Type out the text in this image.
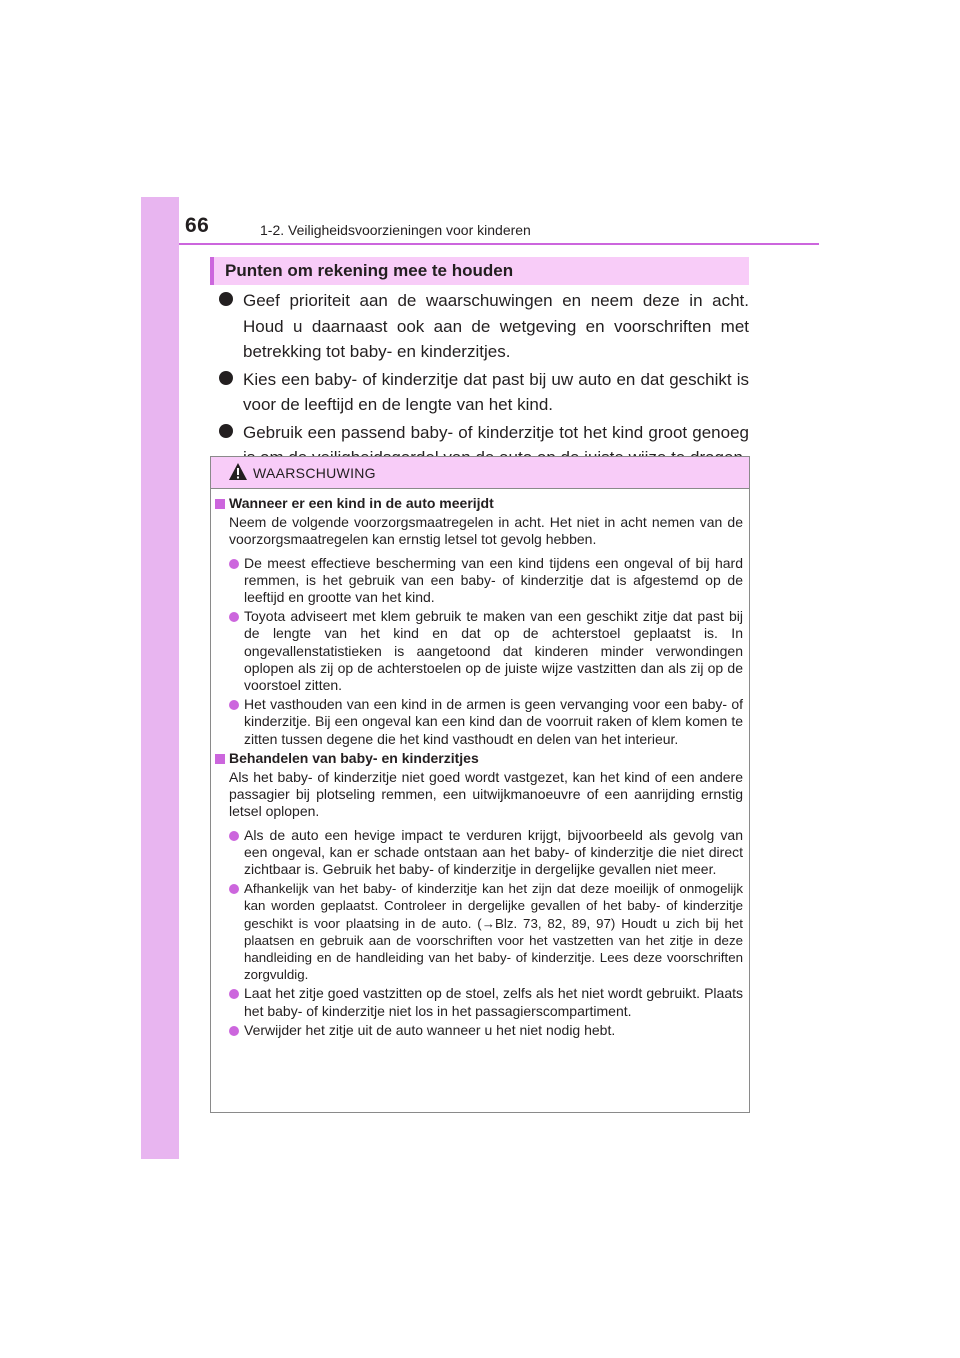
66	1-2. Veiligheidsvoorzieningen voor kinderen
Punten om rekening mee te houden
Geef prioriteit aan de waarschuwingen en neem deze in acht. Houd u daarnaast ook aan de wetgeving en voorschriften met betrekking tot baby- en kinderzitjes.
Kies een baby- of kinderzitje dat past bij uw auto en dat geschikt is voor de leeftijd en de lengte van het kind.
Gebruik een passend baby- of kinderzitje tot het kind groot genoeg
WAARSCHUWING
Wanneer er een kind in de auto meerijdt
Neem de volgende voorzorgsmaatregelen in acht. Het niet in acht nemen van de voorzorgsmaatregelen kan ernstig letsel tot gevolg hebben.
De meest effectieve bescherming van een kind tijdens een ongeval of bij hard remmen, is het gebruik van een baby- of kinderzitje dat is afgestemd op de leeftijd en grootte van het kind.
Toyota adviseert met klem gebruik te maken van een geschikt zitje dat past bij de lengte van het kind en dat op de achterstoel geplaatst is. In ongevallenstatistieken is aangetoond dat kinderen minder verwondingen oplopen als zij op de achterstoelen op de juiste wijze vastzitten dan als zij op de voorstoel zitten.
Het vasthouden van een kind in de armen is geen vervanging voor een baby- of kinderzitje. Bij een ongeval kan een kind dan de voorruit raken of klem komen te zitten tussen degene die het kind vasthoudt en delen van het interieur.
Behandelen van baby- en kinderzitjes
Als het baby- of kinderzitje niet goed wordt vastgezet, kan het kind of een andere passagier bij plotseling remmen, een uitwijkmanoeuvre of een aanrijding ernstig letsel oplopen.
Als de auto een hevige impact te verduren krijgt, bijvoorbeeld als gevolg van een ongeval, kan er schade ontstaan aan het baby- of kinderzitje die niet direct zichtbaar is. Gebruik het baby- of kinderzitje in dergelijke gevallen niet meer.
Afhankelijk van het baby- of kinderzitje kan het zijn dat deze moeilijk of onmogelijk kan worden geplaatst. Controleer in dergelijke gevallen of het baby- of kinderzitje geschikt is voor plaatsing in de auto. (→Blz. 73, 82, 89, 97) Houdt u zich bij het plaatsen en gebruik aan de voorschriften voor het vastzetten van het zitje in deze handleiding en de handleiding van het baby- of kinderzitje. Lees deze voorschriften zorgvuldig.
Laat het zitje goed vastzitten op de stoel, zelfs als het niet wordt gebruikt. Plaats het baby- of kinderzitje niet los in het passagierscompartiment.
Verwijder het zitje uit de auto wanneer u het niet nodig hebt.
